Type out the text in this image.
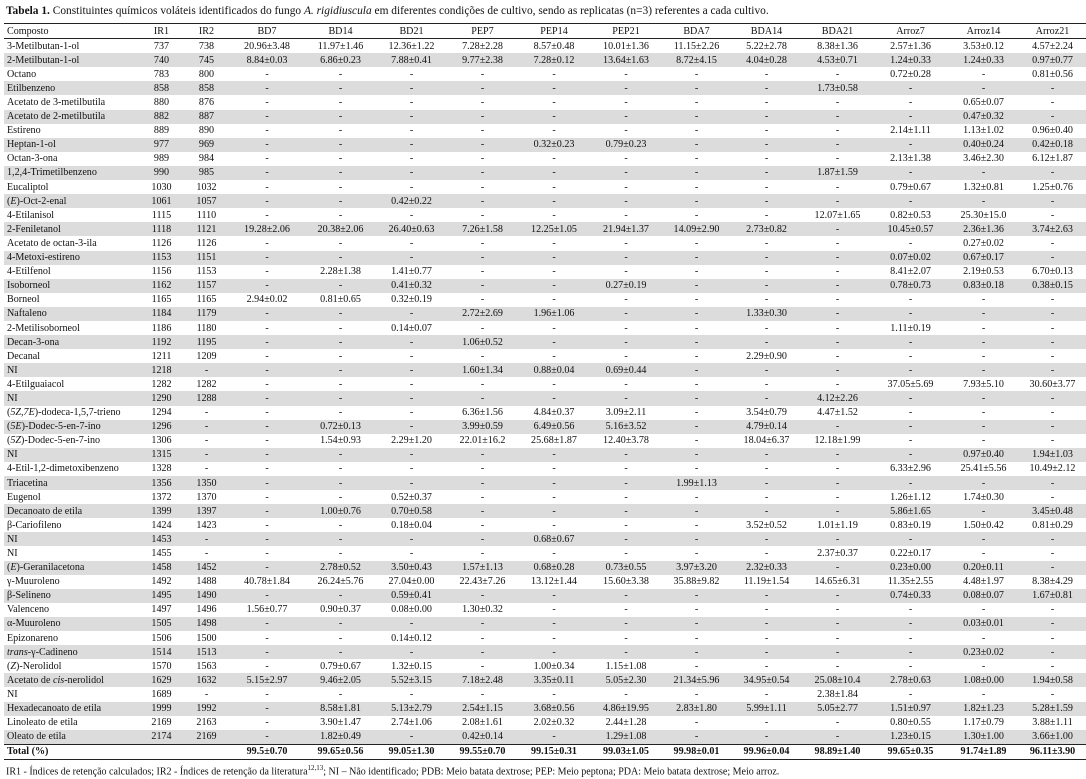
Tabela 1. Constituintes químicos voláteis identificados do fungo A. rigidiuscula em diferentes condições de cultivo, sendo as replicatas (n=3) referentes a cada cultivo.
Composto	IR1	IR2	BD7	BD14	BD21	PEP7	PEP14	PEP21	BDA7	BDA14	BDA21	Arroz7	Arroz14	Arroz21
3-Metilbutan-1-ol	737	738	20.96±3.48	11.97±1.46	12.36±1.22	7.28±2.28	8.57±0.48	10.01±1.36	11.15±2.26	5.22±2.78	8.38±1.36	2.57±1.36	3.53±0.12	4.57±2.24
2-Metilbutan-1-ol	740	745	8.84±0.03	6.86±0.23	7.88±0.41	9.77±2.38	7.28±0.12	13.64±1.63	8.72±4.15	4.04±0.28	4.53±0.71	1.24±0.33	1.24±0.33	0.97±0.77
Octano	783	800	-	-	-	-	-	-	-	-	-	0.72±0.28	-	0.81±0.56
Etilbenzeno	858	858	-	-	-	-	-	-	-	-	1.73±0.58	-	-	-
Acetato de 3-metilbutila	880	876	-	-	-	-	-	-	-	-	-	-	0.65±0.07	-
Acetato de 2-metilbutila	882	887	-	-	-	-	-	-	-	-	-	-	0.47±0.32	-
Estireno	889	890	-	-	-	-	-	-	-	-	-	2.14±1.11	1.13±1.02	0.96±0.40
Heptan-1-ol	977	969	-	-	-	-	0.32±0.23	0.79±0.23	-	-	-	-	0.40±0.24	0.42±0.18
Octan-3-ona	989	984	-	-	-	-	-	-	-	-	-	2.13±1.38	3.46±2.30	6.12±1.87
1,2,4-Trimetilbenzeno	990	985	-	-	-	-	-	-	-	-	1.87±1.59	-	-	-
Eucaliptol	1030	1032	-	-	-	-	-	-	-	-	-	0.79±0.67	1.32±0.81	1.25±0.76
(E)-Oct-2-enal	1061	1057	-	-	0.42±0.22	-	-	-	-	-	-	-	-	-
4-Etilanisol	1115	1110	-	-	-	-	-	-	-	-	12.07±1.65	0.82±0.53	25.30±15.0	-
2-Feniletanol	1118	1121	19.28±2.06	20.38±2.06	26.40±0.63	7.26±1.58	12.25±1.05	21.94±1.37	14.09±2.90	2.73±0.82	-	10.45±0.57	2.36±1.36	3.74±2.63
Acetato de octan-3-ila	1126	1126	-	-	-	-	-	-	-	-	-	-	0.27±0.02	-
4-Metoxi-estireno	1153	1151	-	-	-	-	-	-	-	-	-	0.07±0.02	0.67±0.17	-
4-Etilfenol	1156	1153	-	2.28±1.38	1.41±0.77	-	-	-	-	-	-	8.41±2.07	2.19±0.53	6.70±0.13
Isoborneol	1162	1157	-	-	0.41±0.32	-	-	0.27±0.19	-	-	-	0.78±0.73	0.83±0.18	0.38±0.15
Borneol	1165	1165	2.94±0.02	0.81±0.65	0.32±0.19	-	-	-	-	-	-	-	-	-
Naftaleno	1184	1179	-	-	-	2.72±2.69	1.96±1.06	-	-	1.33±0.30	-	-	-	-
2-Metilisoborneol	1186	1180	-	-	0.14±0.07	-	-	-	-	-	-	1.11±0.19	-	-
Decan-3-ona	1192	1195	-	-	-	1.06±0.52	-	-	-	-	-	-	-	-
Decanal	1211	1209	-	-	-	-	-	-	-	2.29±0.90	-	-	-	-
NI	1218	-	-	-	-	1.60±1.34	0.88±0.04	0.69±0.44	-	-	-	-	-	-
4-Etilguaiacol	1282	1282	-	-	-	-	-	-	-	-	-	37.05±5.69	7.93±5.10	30.60±3.77
NI	1290	1288	-	-	-	-	-	-	-	-	4.12±2.26	-	-	-
(5Z,7E)-dodeca-1,5,7-trieno	1294	-	-	-	-	6.36±1.56	4.84±0.37	3.09±2.11	-	3.54±0.79	4.47±1.52	-	-	-
(5E)-Dodec-5-en-7-ino	1296	-	-	0.72±0.13	-	3.99±0.59	6.49±0.56	5.16±3.52	-	4.79±0.14	-	-	-	-
(5Z)-Dodec-5-en-7-ino	1306	-	-	1.54±0.93	2.29±1.20	22.01±16.2	25.68±1.87	12.40±3.78	-	18.04±6.37	12.18±1.99	-	-	-
NI	1315	-	-	-	-	-	-	-	-	-	-	-	0.97±0.40	1.94±1.03
4-Etil-1,2-dimetoxibenzeno	1328	-	-	-	-	-	-	-	-	-	-	6.33±2.96	25.41±5.56	10.49±2.12
Triacetina	1356	1350	-	-	-	-	-	-	1.99±1.13	-	-	-	-	-
Eugenol	1372	1370	-	-	0.52±0.37	-	-	-	-	-	-	1.26±1.12	1.74±0.30	-
Decanoato de etila	1399	1397	-	1.00±0.76	0.70±0.58	-	-	-	-	-	-	5.86±1.65	-	3.45±0.48
β-Cariofileno	1424	1423	-	-	0.18±0.04	-	-	-	-	3.52±0.52	1.01±1.19	0.83±0.19	1.50±0.42	0.81±0.29
NI	1453	-	-	-	-	-	0.68±0.67	-	-	-	-	-	-	-
NI	1455	-	-	-	-	-	-	-	-	-	2.37±0.37	0.22±0.17	-	-
(E)-Geranilacetona	1458	1452	-	2.78±0.52	3.50±0.43	1.57±1.13	0.68±0.28	0.73±0.55	3.97±3.20	2.32±0.33	-	0.23±0.00	0.20±0.11	-
γ-Muuroleno	1492	1488	40.78±1.84	26.24±5.76	27.04±0.00	22.43±7.26	13.12±1.44	15.60±3.38	35.88±9.82	11.19±1.54	14.65±6.31	11.35±2.55	4.48±1.97	8.38±4.29
β-Selineno	1495	1490	-	-	0.59±0.41	-	-	-	-	-	-	0.74±0.33	0.08±0.07	1.67±0.81
Valenceno	1497	1496	1.56±0.77	0.90±0.37	0.08±0.00	1.30±0.32	-	-	-	-	-	-	-	-
α-Muuroleno	1505	1498	-	-	-	-	-	-	-	-	-	-	0.03±0.01	-
Epizonareno	1506	1500	-	-	0.14±0.12	-	-	-	-	-	-	-	-	-
trans-γ-Cadineno	1514	1513	-	-	-	-	-	-	-	-	-	-	0.23±0.02	-
(Z)-Nerolidol	1570	1563	-	0.79±0.67	1.32±0.15	-	1.00±0.34	1.15±1.08	-	-	-	-	-	-
Acetato de cis-nerolidol	1629	1632	5.15±2.97	9.46±2.05	5.52±3.15	7.18±2.48	3.35±0.11	5.05±2.30	21.34±5.96	34.95±0.54	25.08±10.4	2.78±0.63	1.08±0.00	1.94±0.58
NI	1689	-	-	-	-	-	-	-	-	-	2.38±1.84	-	-	-
Hexadecanoato de etila	1999	1992	-	8.58±1.81	5.13±2.79	2.54±1.15	3.68±0.56	4.86±19.95	2.83±1.80	5.99±1.11	5.05±2.77	1.51±0.97	1.82±1.23	5.28±1.59
Linoleato de etila	2169	2163	-	3.90±1.47	2.74±1.06	2.08±1.61	2.02±0.32	2.44±1.28	-	-	-	0.80±0.55	1.17±0.79	3.88±1.11
Oleato de etila	2174	2169	-	1.82±0.49	-	0.42±0.14	-	1.29±1.08	-	-	-	1.23±0.15	1.30±1.00	3.66±1.00
Total (%)			99.5±0.70	99.65±0.56	99.05±1.30	99.55±0.70	99.15±0.31	99.03±1.05	99.98±0.01	99.96±0.04	98.89±1.40	99.65±0.35	91.74±1.89	96.11±3.90
IR1 - Índices de retenção calculados; IR2 - Índices de retenção da literatura$^{12,13}$; NI – Não identificado; PDB: Meio batata dextrose; PEP: Meio peptona; PDA: Meio batata dextrose; Meio arroz.
